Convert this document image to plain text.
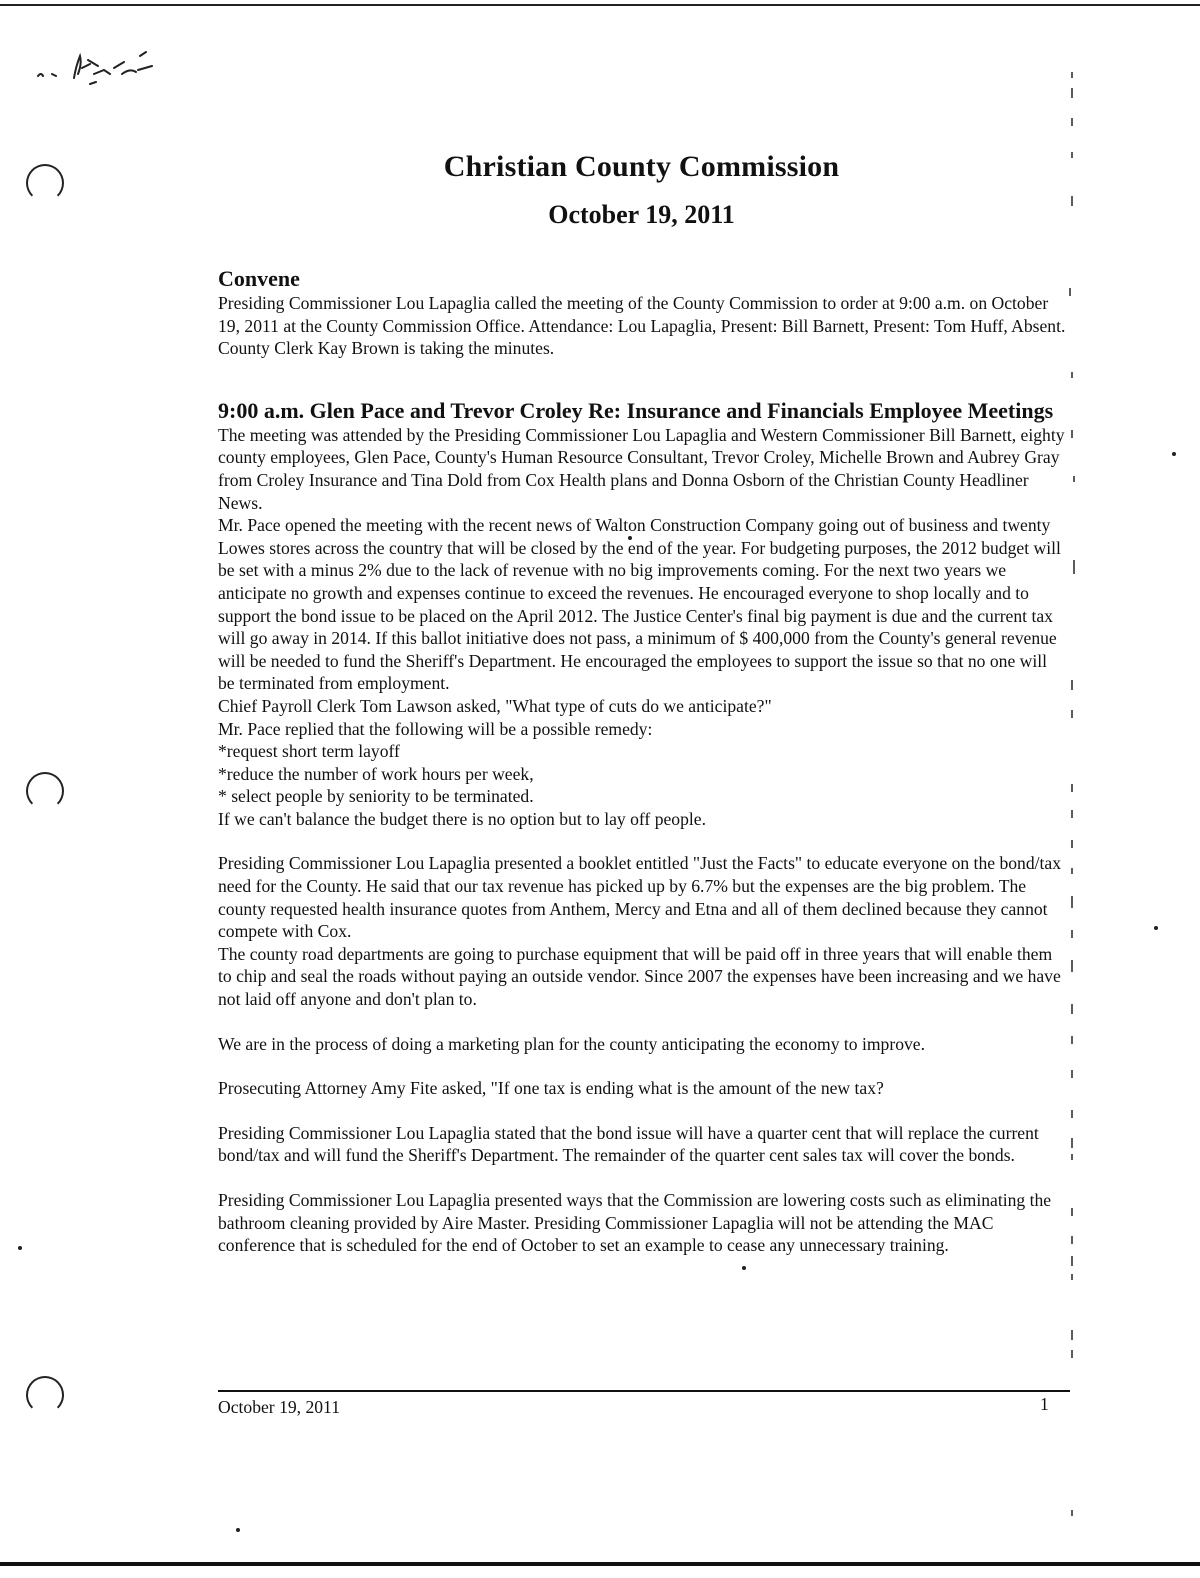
Christian County Commission
October 19, 2011
Convene

Presiding Commissioner Lou Lapaglia called the meeting of the County Commission to order at 9:00 a.m. on October 19, 2011 at the County Commission Office. Attendance: Lou Lapaglia, Present: Bill Barnett, Present: Tom Huff, Absent. County Clerk Kay Brown is taking the minutes.

9:00 a.m. Glen Pace and Trevor Croley Re: Insurance and Financials Employee Meetings

The meeting was attended by the Presiding Commissioner Lou Lapaglia and Western Commissioner Bill Barnett, eighty county employees, Glen Pace, County's Human Resource Consultant, Trevor Croley, Michelle Brown and Aubrey Gray from Croley Insurance and Tina Dold from Cox Health plans and Donna Osborn of the Christian County Headliner News.

Mr. Pace opened the meeting with the recent news of Walton Construction Company going out of business and twenty Lowes stores across the country that will be closed by the end of the year. For budgeting purposes, the 2012 budget will be set with a minus 2% due to the lack of revenue with no big improvements coming. For the next two years we anticipate no growth and expenses continue to exceed the revenues. He encouraged everyone to shop locally and to support the bond issue to be placed on the April 2012. The Justice Center's final big payment is due and the current tax will go away in 2014. If this ballot initiative does not pass, a minimum of $ 400,000 from the County's general revenue will be needed to fund the Sheriff's Department. He encouraged the employees to support the issue so that no one will be terminated from employment.

Chief Payroll Clerk Tom Lawson asked, "What type of cuts do we anticipate?"

Mr. Pace replied that the following will be a possible remedy:

*request short term layoff

*reduce the number of work hours per week,

* select people by seniority to be terminated.

If we can't balance the budget there is no option but to lay off people.

Presiding Commissioner Lou Lapaglia presented a booklet entitled "Just the Facts" to educate everyone on the bond/tax need for the County. He said that our tax revenue has picked up by 6.7% but the expenses are the big problem. The county requested health insurance quotes from Anthem, Mercy and Etna and all of them declined because they cannot compete with Cox.

The county road departments are going to purchase equipment that will be paid off in three years that will enable them to chip and seal the roads without paying an outside vendor. Since 2007 the expenses have been increasing and we have not laid off anyone and don't plan to.

We are in the process of doing a marketing plan for the county anticipating the economy to improve.

Prosecuting Attorney Amy Fite asked, "If one tax is ending what is the amount of the new tax?

Presiding Commissioner Lou Lapaglia stated that the bond issue will have a quarter cent that will replace the current bond/tax and will fund the Sheriff's Department. The remainder of the quarter cent sales tax will cover the bonds.

Presiding Commissioner Lou Lapaglia presented ways that the Commission are lowering costs such as eliminating the bathroom cleaning provided by Aire Master. Presiding Commissioner Lapaglia will not be attending the MAC conference that is scheduled for the end of October to set an example to cease any unnecessary training.

October 19, 2011	1
